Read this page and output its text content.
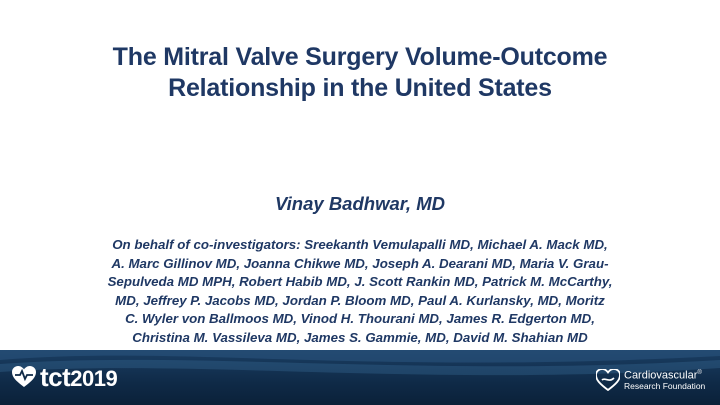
The Mitral Valve Surgery Volume-Outcome
Relationship in the United States
Vinay Badhwar, MD
On behalf of co-investigators: Sreekanth Vemulapalli MD, Michael A. Mack MD,
A. Marc Gillinov MD, Joanna Chikwe MD, Joseph A. Dearani MD, Maria V. Grau-
Sepulveda MD MPH, Robert Habib MD, J. Scott Rankin MD, Patrick M. McCarthy,
MD, Jeffrey P. Jacobs MD, Jordan P. Bloom MD, Paul A. Kurlansky, MD, Moritz
C. Wyler von Ballmoos MD, Vinod H. Thourani MD, James R. Edgerton MD,
Christina M. Vassileva MD, James S. Gammie, MD, David M. Shahian MD
tct2019	Cardiovascular®
Research Foundation
